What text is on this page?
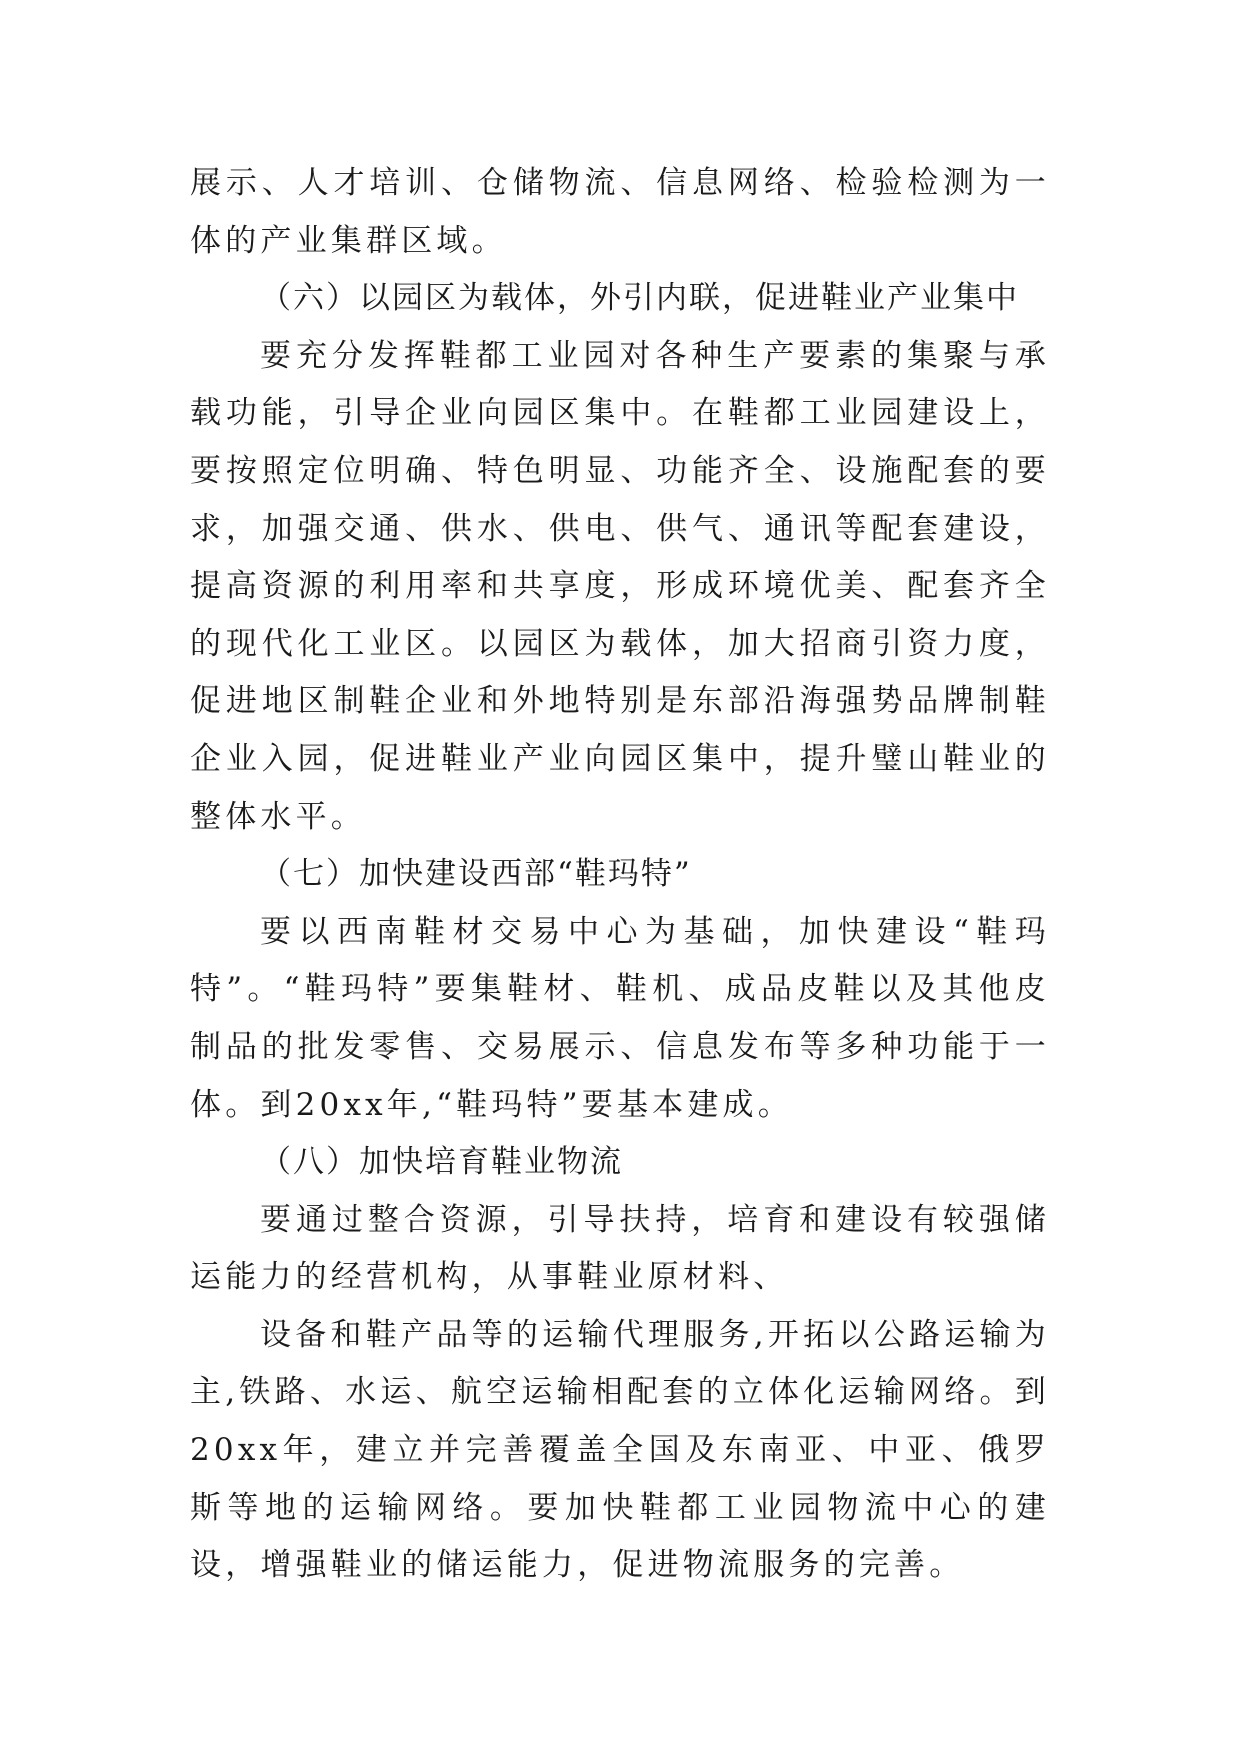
展示、人才培训、仓储物流、信息网络、检验检测为一体的产业集群区域。

（六）以园区为载体，外引内联，促进鞋业产业集中

要充分发挥鞋都工业园对各种生产要素的集聚与承载功能，引导企业向园区集中。在鞋都工业园建设上，要按照定位明确、特色明显、功能齐全、设施配套的要求，加强交通、供水、供电、供气、通讯等配套建设，提高资源的利用率和共享度，形成环境优美、配套齐全的现代化工业区。以园区为载体，加大招商引资力度，促进地区制鞋企业和外地特别是东部沿海强势品牌制鞋企业入园，促进鞋业产业向园区集中，提升璧山鞋业的整体水平。

（七）加快建设西部“鞋玛特”

要以西南鞋材交易中心为基础，加快建设“鞋玛特”。“鞋玛特”要集鞋材、鞋机、成品皮鞋以及其他皮制品的批发零售、交易展示、信息发布等多种功能于一体。到20xx年,“鞋玛特”要基本建成。

（八）加快培育鞋业物流

要通过整合资源，引导扶持，培育和建设有较强储运能力的经营机构，从事鞋业原材料、

设备和鞋产品等的运输代理服务,开拓以公路运输为主,铁路、水运、航空运输相配套的立体化运输网络。到20xx年，建立并完善覆盖全国及东南亚、中亚、俄罗斯等地的运输网络。要加快鞋都工业园物流中心的建设，增强鞋业的储运能力，促进物流服务的完善。
